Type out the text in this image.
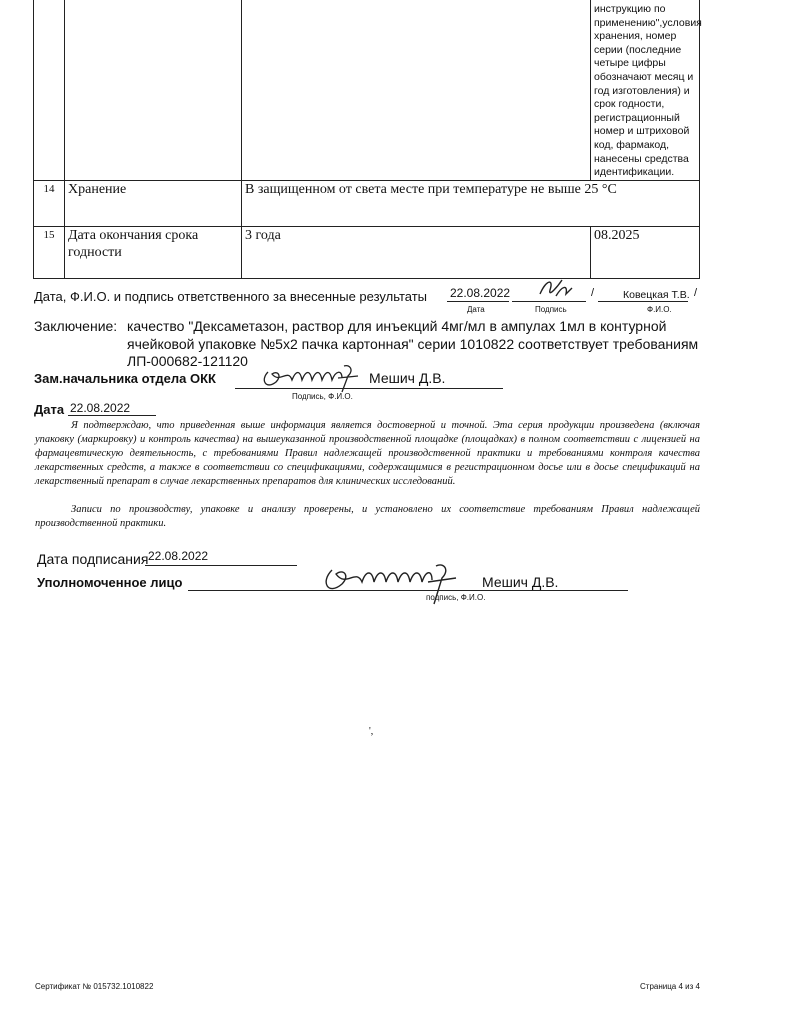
			инструкцию по применению",условия хранения, номер серии (последние четыре цифры обозначают месяц и год изготовления) и срок годности, регистрационный номер и штриховой код, фармакод, нанесены средства идентификации.

14	Хранение	В защищенном от света месте при температуре не выше 25 °С	
15	Дата окончания срока годности	3 года	08.2025
Дата, Ф.И.О. и подпись ответственного за внесенные результаты 22.08.2022	/	Ковецкая Т.В. /
Дата	Подпись	Ф.И.О.
Заключение: качество "Дексаметазон, раствор для инъекций 4мг/мл в ампулах 1мл в контурной
ячейковой упаковке №5х2 пачка картонная" серии 1010822 соответствует требованиям
ЛП-000682-121120
Зам.начальника отдела ОКК	Мешич Д.В.
Подпись, Ф.И.О.
Дата 22.08.2022
Я подтверждаю, что приведенная выше информация является достоверной и точной. Эта серия продукции произведена (включая упаковку (маркировку) и контроль качества) на вышеуказанной производственной площадке (площадках) в полном соответствии с лицензией на фармацевтическую деятельность, с требованиями Правил надлежащей производственной практики и требованиями контроля качества лекарственных средств, а также в соответствии со спецификациями, содержащимися в регистрационном досье или в досье спецификаций на лекарственный препарат в случае лекарственных препаратов для клинических исследований.
Записи по производству, упаковке и анализу проверены, и установлено их соответствие требованиям Правил надлежащей производственной практики.
Дата подписания 22.08.2022
Уполномоченное лицо	Мешич Д.В.
подпись, Ф.И.О.
',
Сертификат № 015732.1010822	Страница 4 из 4
